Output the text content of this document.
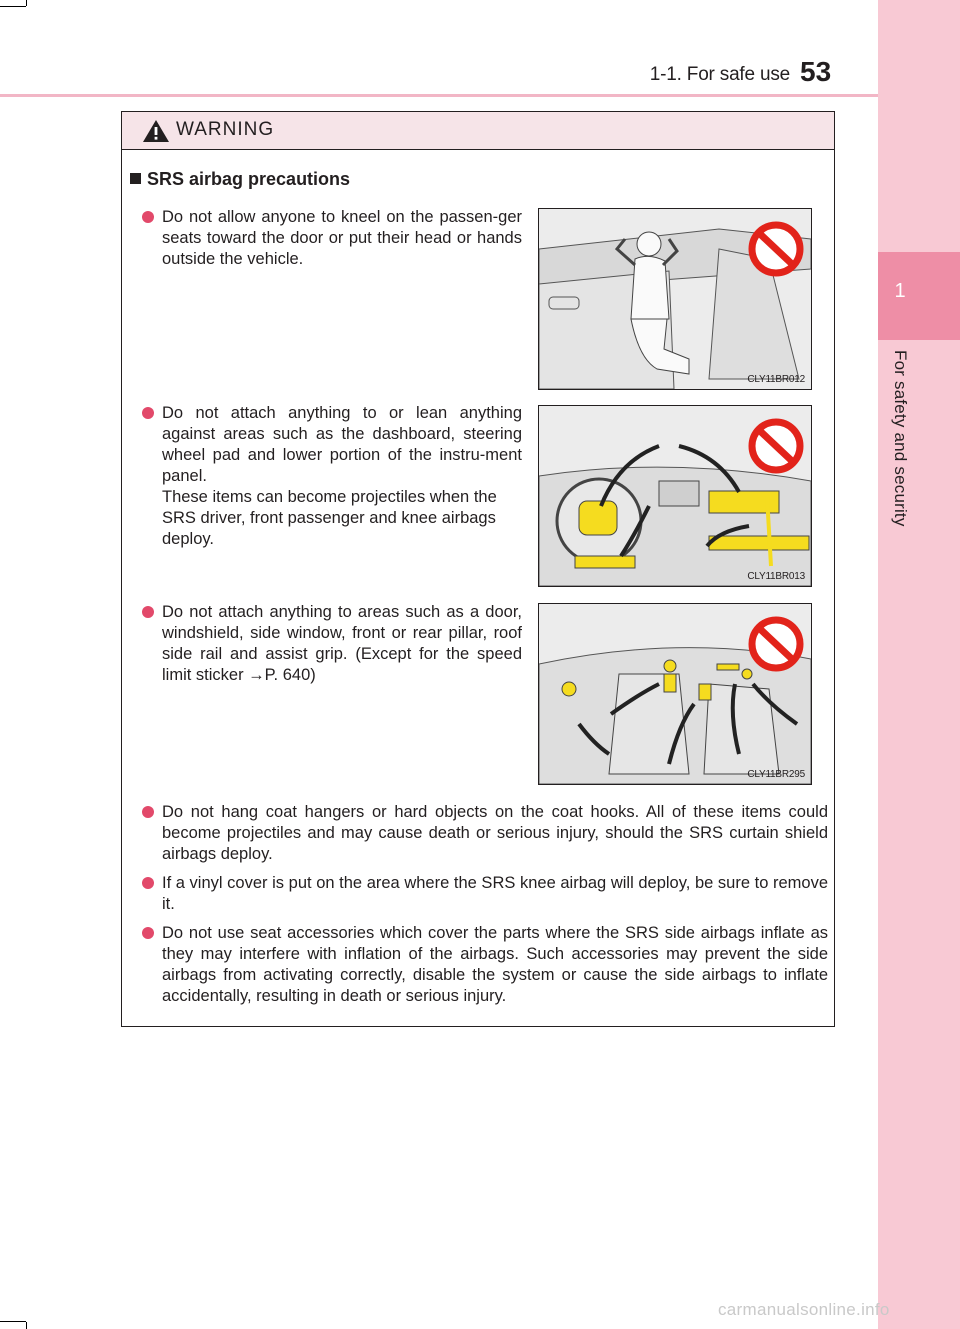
1
For safety and security
1-1. For safe use 53
WARNING
SRS airbag precautions

Do not allow anyone to kneel on the passen-ger seats toward the door or put their head or hands outside the vehicle.

CLY11BR012

Do not attach anything to or lean anything against areas such as the dashboard, steering wheel pad and lower portion of the instru-ment panel.

These items can become projectiles when the SRS driver, front passenger and knee airbags deploy.

CLY11BR013

Do not attach anything to areas such as a door, windshield, side window, front or rear pillar, roof side rail and assist grip. (Except for the speed limit sticker →P. 640)

CLY11BR295

Do not hang coat hangers or hard objects on the coat hooks. All of these items could become projectiles and may cause death or serious injury, should the SRS curtain shield airbags deploy.

If a vinyl cover is put on the area where the SRS knee airbag will deploy, be sure to remove it.

Do not use seat accessories which cover the parts where the SRS side airbags inflate as they may interfere with inflation of the airbags. Such accessories may prevent the side airbags from activating correctly, disable the system or cause the side airbags to inflate accidentally, resulting in death or serious injury.

carmanualsonline.info
